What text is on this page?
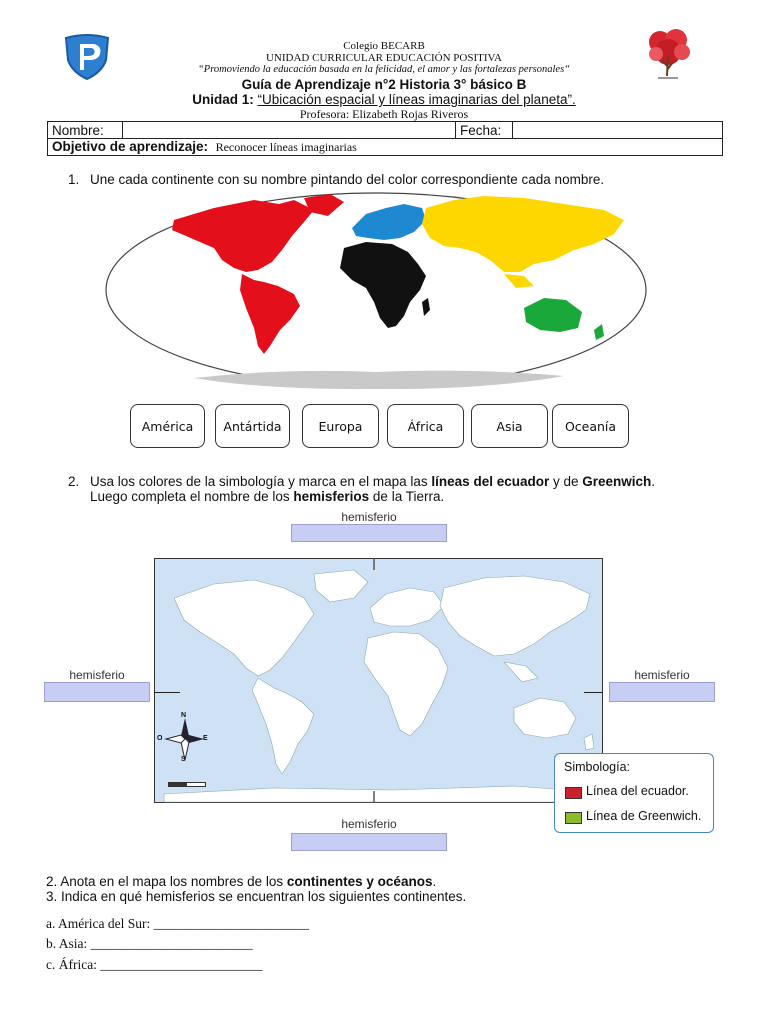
Colegio BECARB
UNIDAD CURRICULAR EDUCACIÓN POSITIVA
“Promoviendo la educación basada en la felicidad, el amor y las fortalezas personales“
Guía de Aprendizaje n°2 Historia 3° básico B
Unidad 1: “Ubicación espacial y líneas imaginarias del planeta”.
Profesora: Elizabeth Rojas Riveros
Nombre:		Fecha:	
Objetivo de aprendizaje: Reconocer líneas imaginarias
1. Une cada continente con su nombre pintando del color correspondiente cada nombre.
América	Antártida	Europa	África	Asia	Oceanía
2. Usa los colores de la simbología y marca en el mapa las líneas del ecuador y de Greenwich.
Luego completa el nombre de los hemisferios de la Tierra.
hemisferio
hemisferio	hemisferio
hemisferio
N
S
E
O
Simbología:
Línea del ecuador.
Línea de Greenwich.
2. Anota en el mapa los nombres de los continentes y océanos.
3. Indica en qué hemisferios se encuentran los siguientes continentes.
a. América del Sur: _______________________
b. Asia: ________________________
c. África: ________________________
